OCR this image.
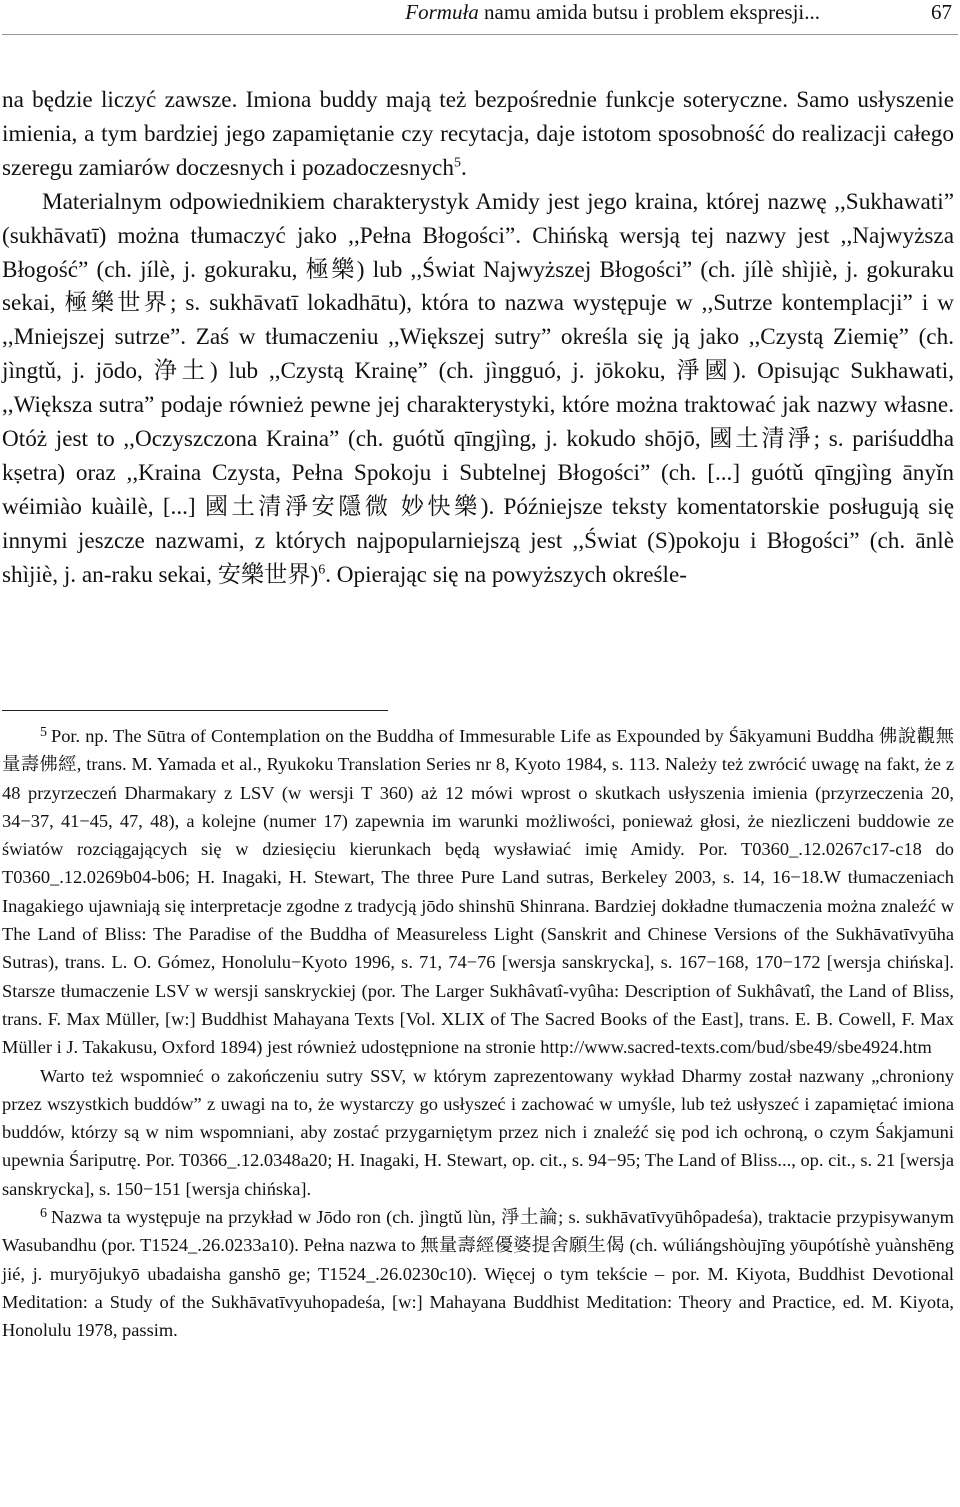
Formuła namu amida butsu i problem ekspresji...	67

na będzie liczyć zawsze. Imiona buddy mają też bezpośrednie funkcje soteryczne. Samo usłyszenie imienia, a tym bardziej jego zapamiętanie czy recytacja, daje istotom sposobność do realizacji całego szeregu zamiarów doczesnych i pozadoczesnych$^5$.

Materialnym odpowiednikiem charakterystyk Amidy jest jego kraina, której nazwę ,,Sukhawati” (sukhāvatī) można tłumaczyć jako ,,Pełna Błogości”. Chińską wersją tej nazwy jest ,,Najwyższa Błogość” (ch. jílè, j. gokuraku, 極樂) lub ,,Świat Najwyższej Błogości” (ch. jílè shìjiè, j. gokuraku sekai, 極樂世界; s. sukhāvatī lokadhātu), która to nazwa występuje w ,,Sutrze kontemplacji” i w ,,Mniejszej sutrze”. Zaś w tłumaczeniu ,,Większej sutry” określa się ją jako ,,Czystą Ziemię” (ch. jìngtǔ, j. jōdo, 浄土) lub ,,Czystą Krainę” (ch. jìngguó, j. jōkoku, 淨國). Opisując Sukhawati, ,,Większa sutra” podaje również pewne jej charakterystyki, które można traktować jak nazwy własne. Otóż jest to ,,Oczyszczona Kraina” (ch. guótǔ qīngjìng, j. kokudo shōjō, 國土清淨; s. pariśuddha kṣetra) oraz ,,Kraina Czysta, Pełna Spokoju i Subtelnej Błogości” (ch. [...] guótǔ qīngjìng ānyǐn wéimiào kuàilè, [...] 國土清淨安隱微 妙快樂). Późniejsze teksty komentatorskie posługują się innymi jeszcze nazwami, z których najpopularniejszą jest ,,Świat (S)pokoju i Błogości” (ch. ānlè shìjiè, j. an-raku sekai, 安樂世界)$^6$. Opierając się na powyższych określe-

$^5$ Por. np. The Sūtra of Contemplation on the Buddha of Immesurable Life as Expounded by Śākyamuni Buddha 佛說觀無量壽佛經, trans. M. Yamada et al., Ryukoku Translation Series nr 8, Kyoto 1984, s. 113. Należy też zwrócić uwagę na fakt, że z 48 przyrzeczeń Dharmakary z LSV (w wersji T 360) aż 12 mówi wprost o skutkach usłyszenia imienia (przyrzeczenia 20, 34−37, 41−45, 47, 48), a kolejne (numer 17) zapewnia im warunki możliwości, ponieważ głosi, że niezliczeni buddowie ze światów rozciągających się w dziesięciu kierunkach będą wysławiać imię Amidy. Por. T0360_.12.0267c17-c18 do T0360_.12.0269b04-b06; H. Inagaki, H. Stewart, The three Pure Land sutras, Berkeley 2003, s. 14, 16−18.W tłumaczeniach Inagakiego ujawniają się interpretacje zgodne z tradycją jōdo shinshū Shinrana. Bardziej dokładne tłumaczenia można znaleźć w The Land of Bliss: The Paradise of the Buddha of Measureless Light (Sanskrit and Chinese Versions of the Sukhāvatīvyūha Sutras), trans. L. O. Gómez, Honolulu−Kyoto 1996, s. 71, 74−76 [wersja sanskrycka], s. 167−168, 170−172 [wersja chińska]. Starsze tłumaczenie LSV w wersji sanskryckiej (por. The Larger Sukhâvatî-vyûha: Description of Sukhâvatî, the Land of Bliss, trans. F. Max Müller, [w:] Buddhist Mahayana Texts [Vol. XLIX of The Sacred Books of the East], trans. E. B. Cowell, F. Max Müller i J. Takakusu, Oxford 1894) jest również udostępnione na stronie http://www.sacred-texts.com/bud/sbe49/sbe4924.htm

Warto też wspomnieć o zakończeniu sutry SSV, w którym zaprezentowany wykład Dharmy został nazwany „chroniony przez wszystkich buddów” z uwagi na to, że wystarczy go usłyszeć i zachować w umyśle, lub też usłyszeć i zapamiętać imiona buddów, którzy są w nim wspomniani, aby zostać przygarniętym przez nich i znaleźć się pod ich ochroną, o czym Śakjamuni upewnia Śariputrę. Por. T0366_.12.0348a20; H. Inagaki, H. Stewart, op. cit., s. 94−95; The Land of Bliss..., op. cit., s. 21 [wersja sanskrycka], s. 150−151 [wersja chińska].

$^6$ Nazwa ta występuje na przykład w Jōdo ron (ch. jìngtǔ lùn, 淨土論; s. sukhāvatīvyūhôpadeśa), traktacie przypisywanym Wasubandhu (por. T1524_.26.0233a10). Pełna nazwa to 無量壽經優婆提舍願生偈 (ch. wúliángshòujīng yōupótíshè yuànshēng jié, j. muryōjukyō ubadaisha ganshō ge; T1524_.26.0230c10). Więcej o tym tekście – por. M. Kiyota, Buddhist Devotional Meditation: a Study of the Sukhāvatīvyuhopadeśa, [w:] Mahayana Buddhist Meditation: Theory and Practice, ed. M. Kiyota, Honolulu 1978, passim.
